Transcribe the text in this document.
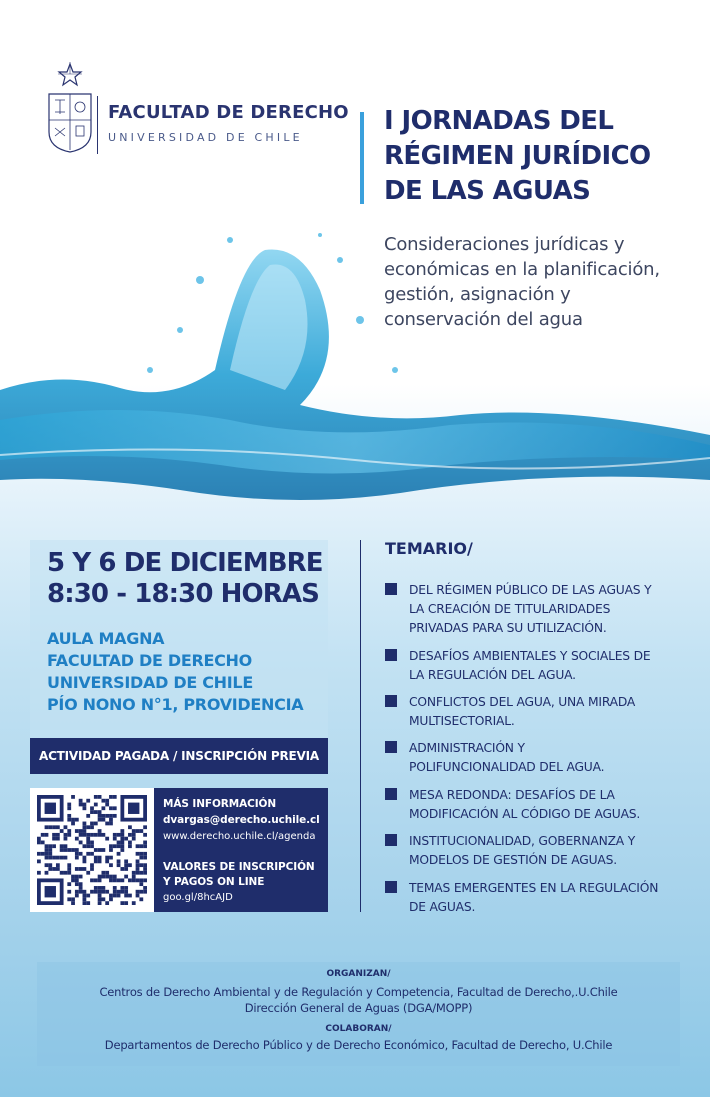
FACULTAD DE DERECHO
UNIVERSIDAD DE CHILE
I JORNADAS DEL
RÉGIMEN JURÍDICO
DE LAS AGUAS
Consideraciones jurídicas y
económicas en la planificación,
gestión, asignación y
conservación del agua
5 Y 6 DE DICIEMBRE
8:30 - 18:30 HORAS
AULA MAGNA
FACULTAD DE DERECHO
UNIVERSIDAD DE CHILE
PÍO NONO N°1, PROVIDENCIA
ACTIVIDAD PAGADA / INSCRIPCIÓN PREVIA
MÁS INFORMACIÓN
dvargas@derecho.uchile.cl
www.derecho.uchile.cl/agenda
VALORES DE INSCRIPCIÓN
Y PAGOS ON LINE
goo.gl/8hcAJD
TEMARIO/
DEL RÉGIMEN PÚBLICO DE LAS AGUAS Y
LA CREACIÓN DE TITULARIDADES
PRIVADAS PARA SU UTILIZACIÓN.
DESAFÍOS AMBIENTALES Y SOCIALES DE
LA REGULACIÓN DEL AGUA.
CONFLICTOS DEL AGUA, UNA MIRADA
MULTISECTORIAL.
ADMINISTRACIÓN Y
POLIFUNCIONALIDAD DEL AGUA.
MESA REDONDA: DESAFÍOS DE LA
MODIFICACIÓN AL CÓDIGO DE AGUAS.
INSTITUCIONALIDAD, GOBERNANZA Y
MODELOS DE GESTIÓN DE AGUAS.
TEMAS EMERGENTES EN LA REGULACIÓN
DE AGUAS.
ORGANIZAN/
Centros de Derecho Ambiental y de Regulación y Competencia, Facultad de Derecho,.U.Chile
Dirección General de Aguas (DGA/MOPP)
COLABORAN/
Departamentos de Derecho Público y de Derecho Económico, Facultad de Derecho, U.Chile
